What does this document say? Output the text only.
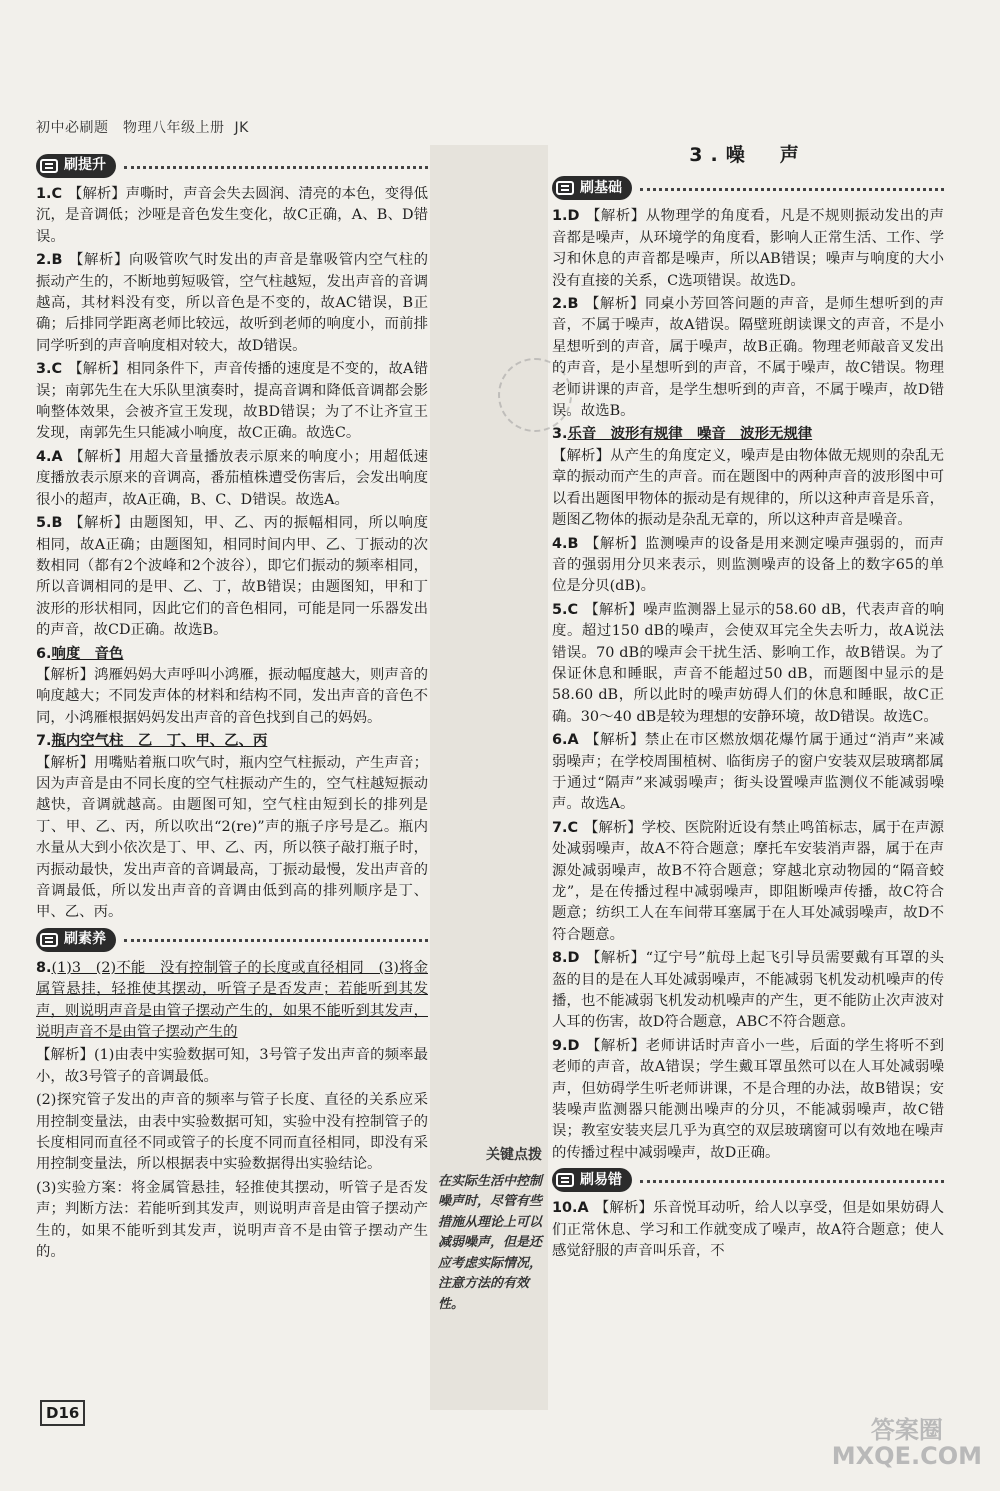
初中必刷题　物理八年级上册 JK
刷提升
1.C 【解析】声嘶时，声音会失去圆润、清亮的本色，变得低沉，是音调低；沙哑是音色发生变化，故C正确，A、B、D错误。
2.B 【解析】向吸管吹气时发出的声音是靠吸管内空气柱的振动产生的，不断地剪短吸管，空气柱越短，发出声音的音调越高，其材料没有变，所以音色是不变的，故AC错误，B正确；后排同学距离老师比较远，故听到老师的响度小，而前排同学听到的声音响度相对较大，故D错误。
3.C 【解析】相同条件下，声音传播的速度是不变的，故A错误；南郭先生在大乐队里演奏时，提高音调和降低音调都会影响整体效果，会被齐宣王发现，故BD错误；为了不让齐宣王发现，南郭先生只能减小响度，故C正确。故选C。
4.A 【解析】用超大音量播放表示原来的响度小；用超低速度播放表示原来的音调高，番茄植株遭受伤害后，会发出响度很小的超声，故A正确，B、C、D错误。故选A。
5.B 【解析】由题图知，甲、乙、丙的振幅相同，所以响度相同，故A正确；由题图知，相同时间内甲、乙、丁振动的次数相同（都有2个波峰和2个波谷），即它们振动的频率相同，所以音调相同的是甲、乙、丁，故B错误；由题图知，甲和丁波形的形状相同，因此它们的音色相同，可能是同一乐器发出的声音，故CD正确。故选B。
6.响度　音色
【解析】鸿雁妈妈大声呼叫小鸿雁，振动幅度越大，则声音的响度越大；不同发声体的材料和结构不同，发出声音的音色不同，小鸿雁根据妈妈发出声音的音色找到自己的妈妈。
7.瓶内空气柱　乙　丁、甲、乙、丙
【解析】用嘴贴着瓶口吹气时，瓶内空气柱振动，产生声音；因为声音是由不同长度的空气柱振动产生的，空气柱越短振动越快，音调就越高。由题图可知，空气柱由短到长的排列是丁、甲、乙、丙，所以吹出“2(re)”声的瓶子序号是乙。瓶内水量从大到小依次是丁、甲、乙、丙，所以筷子敲打瓶子时，丙振动最快，发出声音的音调最高，丁振动最慢，发出声音的音调最低，所以发出声音的音调由低到高的排列顺序是丁、甲、乙、丙。
刷素养
8.(1)3　(2)不能　没有控制管子的长度或直径相同　(3)将金属管悬挂，轻推使其摆动，听管子是否发声；若能听到其发声，则说明声音是由管子摆动产生的，如果不能听到其发声，说明声音不是由管子摆动产生的
【解析】(1)由表中实验数据可知，3号管子发出声音的频率最小，故3号管子的音调最低。
(2)探究管子发出的声音的频率与管子长度、直径的关系应采用控制变量法，由表中实验数据可知，实验中没有控制管子的长度相同而直径不同或管子的长度不同而直径相同，即没有采用控制变量法，所以根据表中实验数据得出实验结论。
(3)实验方案：将金属管悬挂，轻推使其摆动，听管子是否发声；判断方法：若能听到其发声，则说明声音是由管子摆动产生的，如果不能听到其发声，说明声音不是由管子摆动产生的。
关键点拨
在实际生活中控制噪声时，尽管有些措施从理论上可以减弱噪声，但是还应考虑实际情况，注意方法的有效性。
3.噪　声
刷基础
1.D 【解析】从物理学的角度看，凡是不规则振动发出的声音都是噪声，从环境学的角度看，影响人正常生活、工作、学习和休息的声音都是噪声，所以AB错误；噪声与响度的大小没有直接的关系，C选项错误。故选D。
2.B 【解析】同桌小芳回答问题的声音，是师生想听到的声音，不属于噪声，故A错误。隔壁班朗读课文的声音，不是小星想听到的声音，属于噪声，故B正确。物理老师敲音叉发出的声音，是小星想听到的声音，不属于噪声，故C错误。物理老师讲课的声音，是学生想听到的声音，不属于噪声，故D错误。故选B。
3.乐音　波形有规律　噪音　波形无规律
【解析】从产生的角度定义，噪声是由物体做无规则的杂乱无章的振动而产生的声音。而在题图中的两种声音的波形图中可以看出题图甲物体的振动是有规律的，所以这种声音是乐音，题图乙物体的振动是杂乱无章的，所以这种声音是噪音。
4.B 【解析】监测噪声的设备是用来测定噪声强弱的，而声音的强弱用分贝来表示，则监测噪声的设备上的数字65的单位是分贝(dB)。
5.C 【解析】噪声监测器上显示的58.60 dB，代表声音的响度。超过150 dB的噪声，会使双耳完全失去听力，故A说法错误。70 dB的噪声会干扰生活、影响工作，故B错误。为了保证休息和睡眠，声音不能超过50 dB，而题图中显示的是58.60 dB，所以此时的噪声妨碍人们的休息和睡眠，故C正确。30～40 dB是较为理想的安静环境，故D错误。故选C。
6.A 【解析】禁止在市区燃放烟花爆竹属于通过“消声”来减弱噪声；在学校周围植树、临街房子的窗户安装双层玻璃都属于通过“隔声”来减弱噪声；街头设置噪声监测仪不能减弱噪声。故选A。
7.C 【解析】学校、医院附近设有禁止鸣笛标志，属于在声源处减弱噪声，故A不符合题意；摩托车安装消声器，属于在声源处减弱噪声，故B不符合题意；穿越北京动物园的“隔音蛟龙”，是在传播过程中减弱噪声，即阻断噪声传播，故C符合题意；纺织工人在车间带耳塞属于在人耳处减弱噪声，故D不符合题意。
8.D 【解析】“辽宁号”航母上起飞引导员需要戴有耳罩的头盔的目的是在人耳处减弱噪声，不能减弱飞机发动机噪声的传播，也不能减弱飞机发动机噪声的产生，更不能防止次声波对人耳的伤害，故D符合题意，ABC不符合题意。
9.D 【解析】老师讲话时声音小一些，后面的学生将听不到老师的声音，故A错误；学生戴耳罩虽然可以在人耳处减弱噪声，但妨碍学生听老师讲课，不是合理的办法，故B错误；安装噪声监测器只能测出噪声的分贝，不能减弱噪声，故C错误；教室安装夹层几乎为真空的双层玻璃窗可以有效地在噪声的传播过程中减弱噪声，故D正确。
刷易错
10.A 【解析】乐音悦耳动听，给人以享受，但是如果妨碍人们正常休息、学习和工作就变成了噪声，故A符合题意；使人感觉舒服的声音叫乐音，不
D16
答案圈
MXQE.COM
